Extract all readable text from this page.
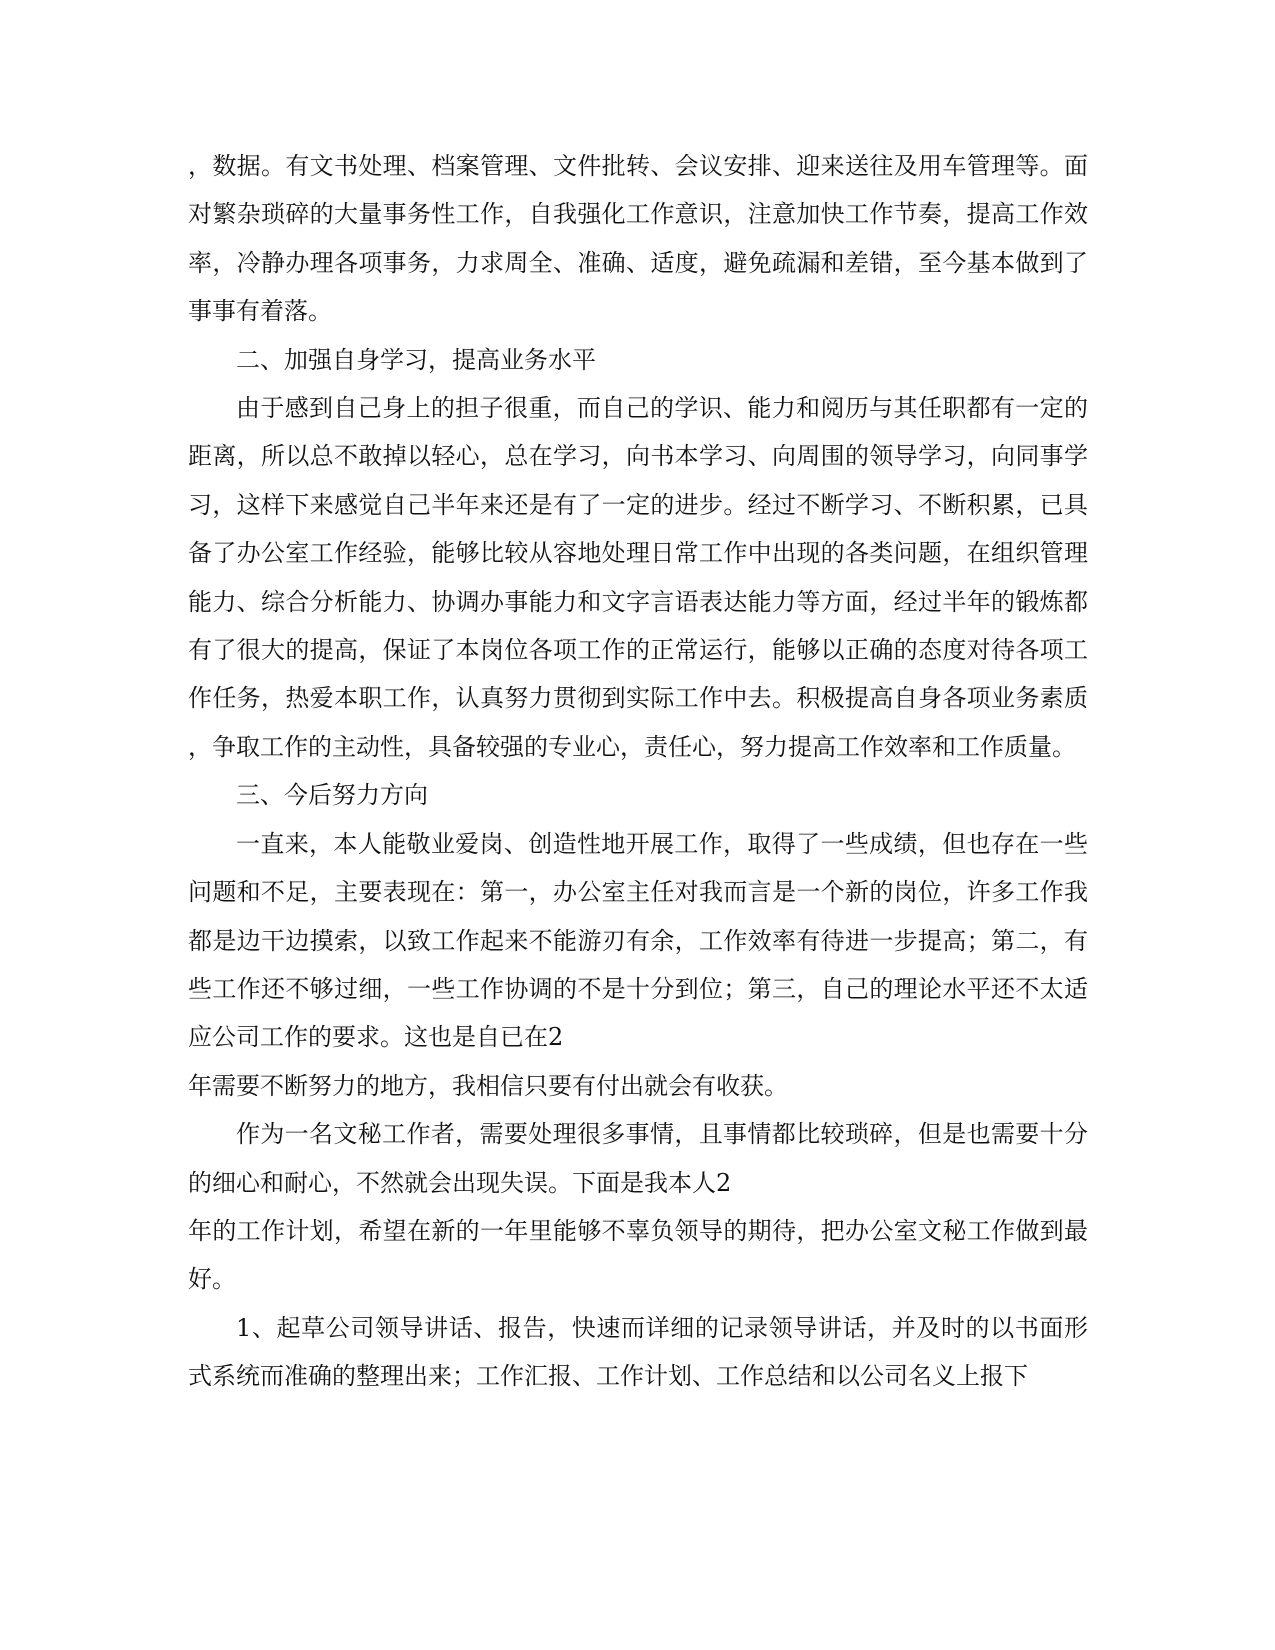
，数据。有文书处理、档案管理、文件批转、会议安排、迎来送往及用车管理等。面对繁杂琐碎的大量事务性工作，自我强化工作意识，注意加快工作节奏，提高工作效率，冷静办理各项事务，力求周全、准确、适度，避免疏漏和差错，至今基本做到了事事有着落。

二、加强自身学习，提高业务水平

由于感到自己身上的担子很重，而自己的学识、能力和阅历与其任职都有一定的距离，所以总不敢掉以轻心，总在学习，向书本学习、向周围的领导学习，向同事学习，这样下来感觉自己半年来还是有了一定的进步。经过不断学习、不断积累，已具备了办公室工作经验，能够比较从容地处理日常工作中出现的各类问题，在组织管理能力、综合分析能力、协调办事能力和文字言语表达能力等方面，经过半年的锻炼都有了很大的提高，保证了本岗位各项工作的正常运行，能够以正确的态度对待各项工作任务，热爱本职工作，认真努力贯彻到实际工作中去。积极提高自身各项业务素质，争取工作的主动性，具备较强的专业心，责任心，努力提高工作效率和工作质量。

三、今后努力方向

一直来，本人能敬业爱岗、创造性地开展工作，取得了一些成绩，但也存在一些问题和不足，主要表现在：第一，办公室主任对我而言是一个新的岗位，许多工作我都是边干边摸索，以致工作起来不能游刃有余，工作效率有待进一步提高；第二，有些工作还不够过细，一些工作协调的不是十分到位；第三，自己的理论水平还不太适应公司工作的要求。这也是自已在2

年需要不断努力的地方，我相信只要有付出就会有收获。

作为一名文秘工作者，需要处理很多事情，且事情都比较琐碎，但是也需要十分的细心和耐心，不然就会出现失误。下面是我本人2

年的工作计划，希望在新的一年里能够不辜负领导的期待，把办公室文秘工作做到最好。

1、起草公司领导讲话、报告，快速而详细的记录领导讲话，并及时的以书面形式系统而准确的整理出来；工作汇报、工作计划、工作总结和以公司名义上报下
